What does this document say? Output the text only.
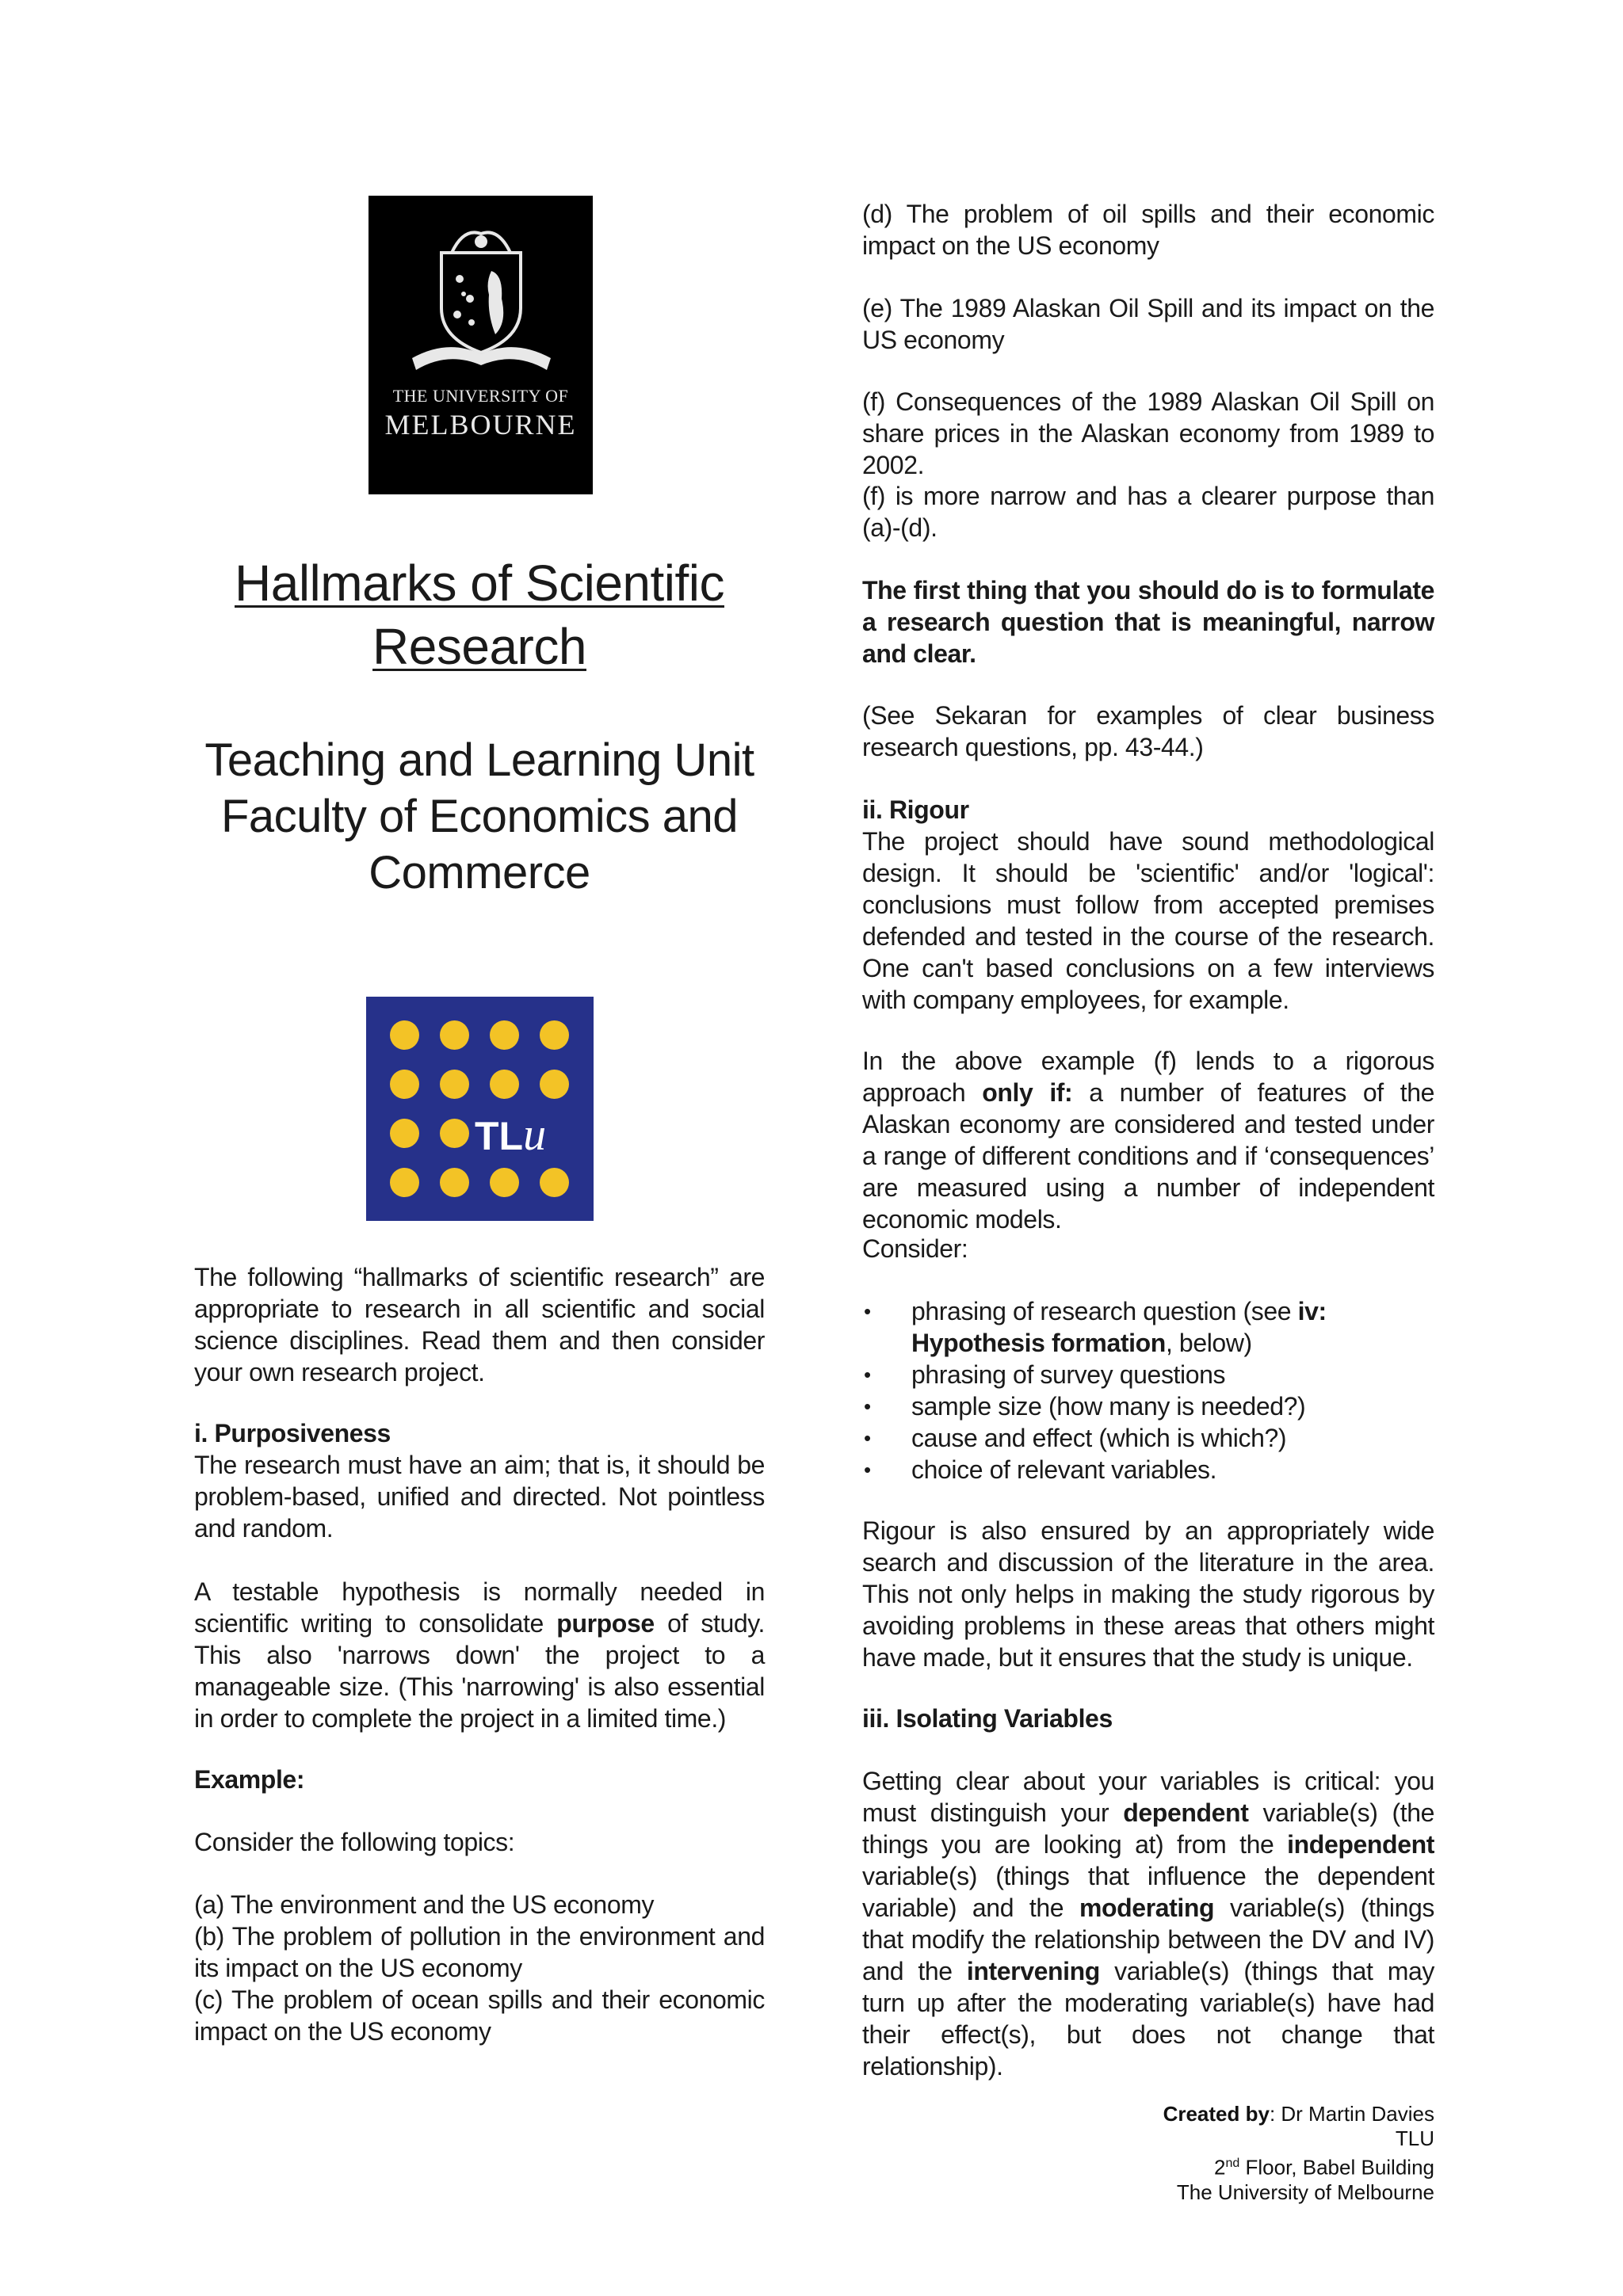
THE UNIVERSITY OF
MELBOURNE
Hallmarks of Scientific
Research
Teaching and Learning Unit
Faculty of Economics and
Commerce
TLu

The following “hallmarks of scientific research” are appropriate to research in all scientific and social science disciplines. Read them and then consider your own research project.

i. Purposiveness

The research must have an aim; that is, it should be problem-based, unified and directed. Not pointless and random.

A testable hypothesis is normally needed in scientific writing to consolidate purpose of study. This also 'narrows down' the project to a manageable size. (This 'narrowing' is also essential in order to complete the project in a limited time.)

Example:

Consider the following topics:

(a) The environment and the US economy

(b) The problem of pollution in the environment and its impact on the US economy

(c) The problem of ocean spills and their economic impact on the US economy

(d) The problem of oil spills and their economic impact on the US economy

(e) The 1989 Alaskan Oil Spill and its impact on the US economy

(f) Consequences of the 1989 Alaskan Oil Spill on share prices in the Alaskan economy from 1989 to 2002.

(f) is more narrow and has a clearer purpose than (a)-(d).

The first thing that you should do is to formulate a research question that is meaningful, narrow and clear.

(See Sekaran for examples of clear business research questions, pp. 43-44.)

ii. Rigour

The project should have sound methodological design. It should be 'scientific' and/or 'logical': conclusions must follow from accepted premises defended and tested in the course of the research. One can't based conclusions on a few interviews with company employees, for example.

In the above example (f) lends to a rigorous approach only if: a number of features of the Alaskan economy are considered and tested under a range of different conditions and if ‘consequences’ are measured using a number of independent economic models.

Consider:

• phrasing of research question (see iv: Hypothesis formation, below)
• phrasing of survey questions
• sample size (how many is needed?)
• cause and effect (which is which?)
• choice of relevant variables.

Rigour is also ensured by an appropriately wide search and discussion of the literature in the area. This not only helps in making the study rigorous by avoiding problems in these areas that others might have made, but it ensures that the study is unique.

iii. Isolating Variables

Getting clear about your variables is critical: you must distinguish your dependent variable(s) (the things you are looking at) from the independent variable(s) (things that influence the dependent variable) and the moderating variable(s) (things that modify the relationship between the DV and IV) and the intervening variable(s) (things that may turn up after the moderating variable(s) have had their effect(s), but does not change that relationship).

Created by: Dr Martin Davies
TLU
2nd Floor, Babel Building
The University of Melbourne
